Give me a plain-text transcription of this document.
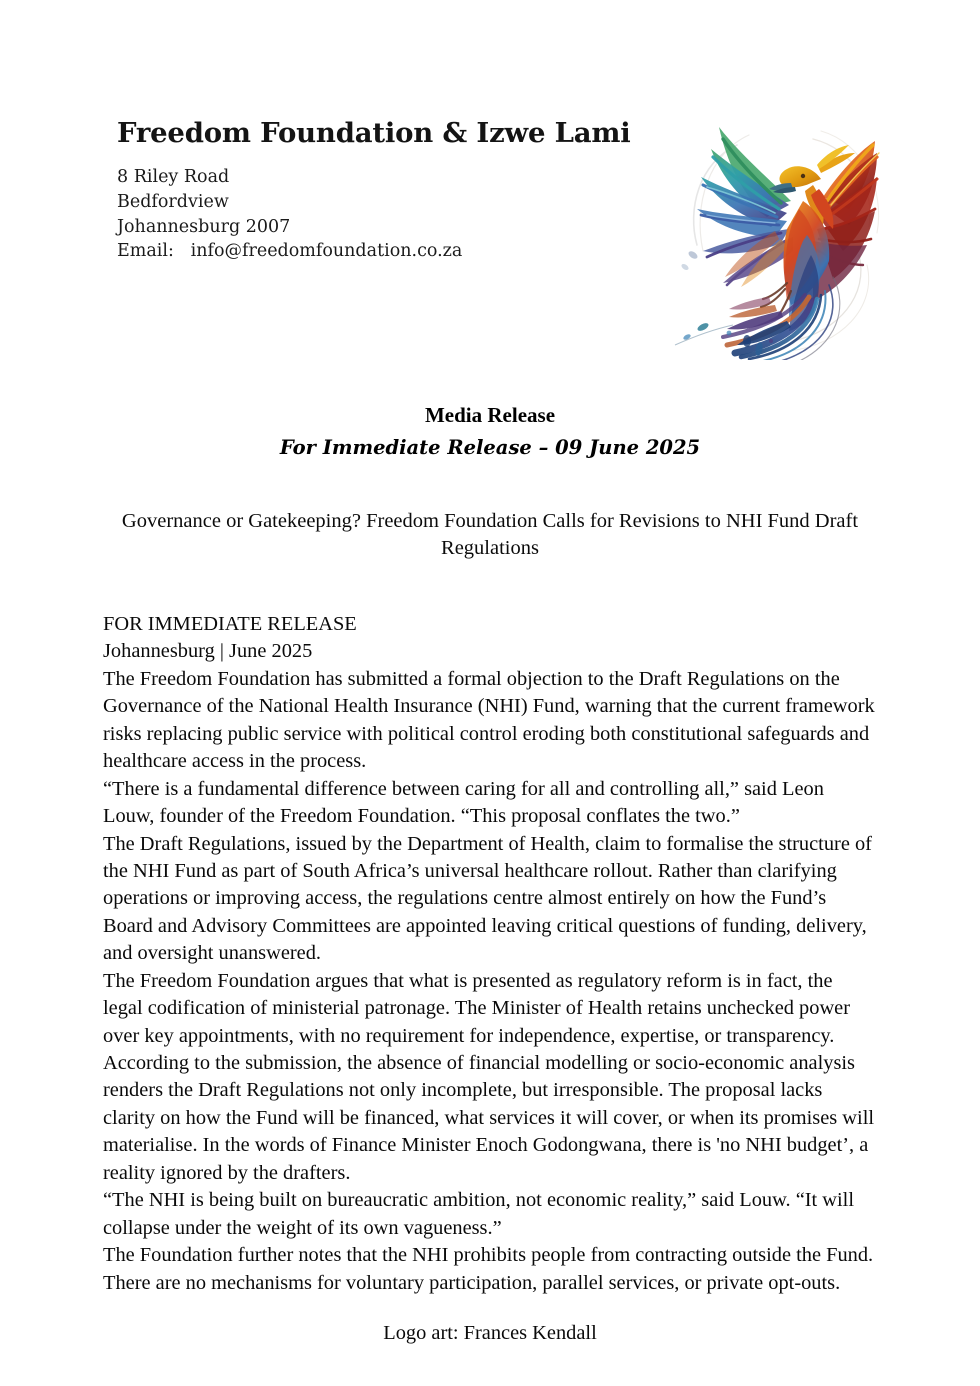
Freedom Foundation & Izwe Lami
8 Riley Road
Bedfordview
Johannesburg 2007
Email: info@freedomfoundation.co.za
Media Release
For Immediate Release – 09 June 2025
Governance or Gatekeeping? Freedom Foundation Calls for Revisions to NHI Fund Draft Regulations

FOR IMMEDIATE RELEASE

Johannesburg | June 2025

The Freedom Foundation has submitted a formal objection to the Draft Regulations on the Governance of the National Health Insurance (NHI) Fund, warning that the current framework risks replacing public service with political control eroding both constitutional safeguards and healthcare access in the process.

“There is a fundamental difference between caring for all and controlling all,” said Leon Louw, founder of the Freedom Foundation. “This proposal conflates the two.”

The Draft Regulations, issued by the Department of Health, claim to formalise the structure of the NHI Fund as part of South Africa’s universal healthcare rollout. Rather than clarifying operations or improving access, the regulations centre almost entirely on how the Fund’s Board and Advisory Committees are appointed leaving critical questions of funding, delivery, and oversight unanswered.

The Freedom Foundation argues that what is presented as regulatory reform is in fact, the legal codification of ministerial patronage. The Minister of Health retains unchecked power over key appointments, with no requirement for independence, expertise, or transparency.

According to the submission, the absence of financial modelling or socio-economic analysis renders the Draft Regulations not only incomplete, but irresponsible. The proposal lacks clarity on how the Fund will be financed, what services it will cover, or when its promises will materialise. In the words of Finance Minister Enoch Godongwana, there is 'no NHI budget’, a reality ignored by the drafters.

“The NHI is being built on bureaucratic ambition, not economic reality,” said Louw. “It will collapse under the weight of its own vagueness.”

The Foundation further notes that the NHI prohibits people from contracting outside the Fund. There are no mechanisms for voluntary participation, parallel services, or private opt-outs.

Logo art: Frances Kendall
